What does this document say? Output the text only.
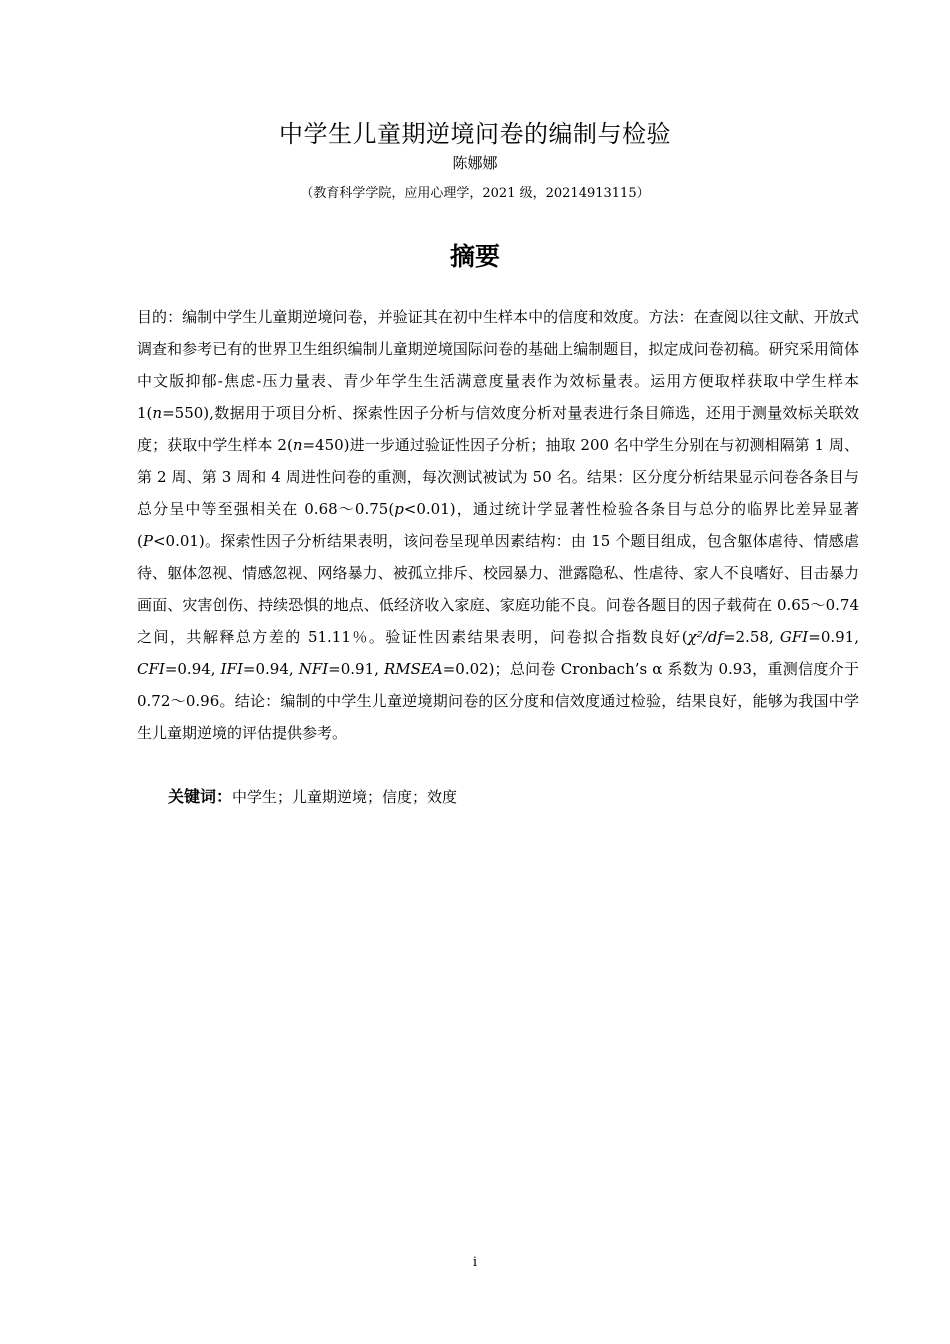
中学生儿童期逆境问卷的编制与检验
陈娜娜
（教育科学学院，应用心理学，2021 级，20214913115）
摘要
目的：编制中学生儿童期逆境问卷，并验证其在初中生样本中的信度和效度。方法：在查阅以往文献、开放式调查和参考已有的世界卫生组织编制儿童期逆境国际问卷的基础上编制题目，拟定成问卷初稿。研究采用简体中文版抑郁-焦虑-压力量表、青少年学生生活满意度量表作为效标量表。运用方便取样获取中学生样本 1(n=550),数据用于项目分析、探索性因子分析与信效度分析对量表进行条目筛选，还用于测量效标关联效度；获取中学生样本 2(n=450)进一步通过验证性因子分析；抽取 200 名中学生分别在与初测相隔第 1 周、第 2 周、第 3 周和 4 周进性问卷的重测，每次测试被试为 50 名。结果：区分度分析结果显示问卷各条目与总分呈中等至强相关在 0.68～0.75(p<0.01)，通过统计学显著性检验各条目与总分的临界比差异显著(P<0.01)。探索性因子分析结果表明，该问卷呈现单因素结构：由 15 个题目组成，包含躯体虐待、情感虐待、躯体忽视、情感忽视、网络暴力、被孤立排斥、校园暴力、泄露隐私、性虐待、家人不良嗜好、目击暴力画面、灾害创伤、持续恐惧的地点、低经济收入家庭、家庭功能不良。问卷各题目的因子载荷在 0.65～0.74 之间，共解释总方差的 51.11％。验证性因素结果表明，问卷拟合指数良好(χ²/df=2.58, GFI=0.91, CFI=0.94, IFI=0.94, NFI=0.91, RMSEA=0.02)；总问卷 Cronbach’s α 系数为 0.93，重测信度介于 0.72～0.96。结论：编制的中学生儿童逆境期问卷的区分度和信效度通过检验，结果良好，能够为我国中学生儿童期逆境的评估提供参考。
关键词：中学生；儿童期逆境；信度；效度
i
